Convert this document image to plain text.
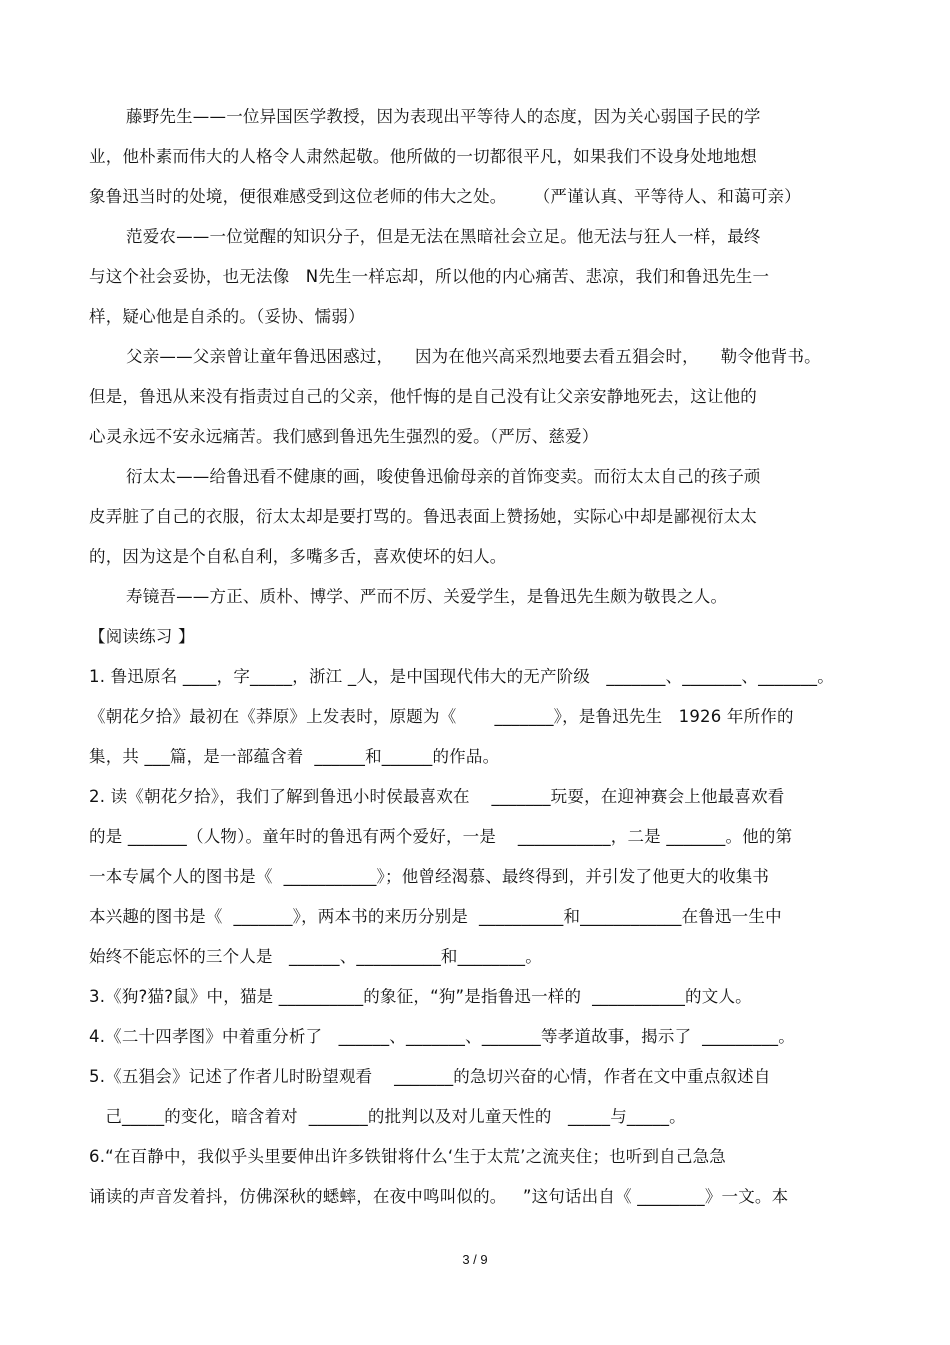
藤野先生——一位异国医学教授，因为表现出平等待人的态度，因为关心弱国子民的学
业，他朴素而伟大的人格令人肃然起敬。他所做的一切都很平凡，如果我们不设身处地地想
象鲁迅当时的处境，便很难感受到这位老师的伟大之处。     （严谨认真、平等待人、和蔼可亲）
范爱农——一位觉醒的知识分子，但是无法在黑暗社会立足。他无法与狂人一样，最终
与这个社会妥协，也无法像   N先生一样忘却，所以他的内心痛苦、悲凉，我们和鲁迅先生一
样，疑心他是自杀的。（妥协、懦弱）
父亲——父亲曾让童年鲁迅困惑过，    因为在他兴高采烈地要去看五猖会时，    勒令他背书。
但是，鲁迅从来没有指责过自己的父亲，他忏悔的是自己没有让父亲安静地死去，这让他的
心灵永远不安永远痛苦。我们感到鲁迅先生强烈的爱。（严厉、慈爱）
衍太太——给鲁迅看不健康的画，唆使鲁迅偷母亲的首饰变卖。而衍太太自己的孩子顽
皮弄脏了自己的衣服，衍太太却是要打骂的。鲁迅表面上赞扬她，实际心中却是鄙视衍太太
的，因为这是个自私自利，多嘴多舌，喜欢使坏的妇人。
寿镜吾——方正、质朴、博学、严而不厉、关爱学生，是鲁迅先生颇为敬畏之人。
【阅读练习 】
1. 鲁迅原名 ____，字_____，浙江 _人，是中国现代伟大的无产阶级   _______、_______、_______。
《朝花夕拾》最初在《莽原》上发表时，原题为《       _______》，是鲁迅先生   1926 年所作的
集，共 ___篇，是一部蕴含着  ______和______的作品。
2. 读《朝花夕拾》，我们了解到鲁迅小时侯最喜欢在    _______玩耍，在迎神赛会上他最喜欢看
的是 _______（人物）。童年时的鲁迅有两个爱好，一是    ___________，二是 _______。他的第
一本专属个人的图书是《  ___________》；他曾经渴慕、最终得到，并引发了他更大的收集书
本兴趣的图书是《  _______》，两本书的来历分别是  __________和____________在鲁迅一生中
始终不能忘怀的三个人是   ______、__________和________。
3.《狗?猫?鼠》中，猫是 __________的象征，“狗”是指鲁迅一样的  ___________的文人。
4.《二十四孝图》中着重分析了   ______、_______、_______等孝道故事，揭示了  _________。
5.《五猖会》记述了作者儿时盼望观看    _______的急切兴奋的心情，作者在文中重点叙述自
己_____的变化，暗含着对  _______的批判以及对儿童天性的   _____与_____。
6.“在百静中，我似乎头里要伸出许多铁钳将什么‘生于太荒’之流夹住；也听到自己急急
诵读的声音发着抖，仿佛深秋的蟋蟀，在夜中鸣叫似的。   ”这句话出自《 ________》一文。本
3 / 9
